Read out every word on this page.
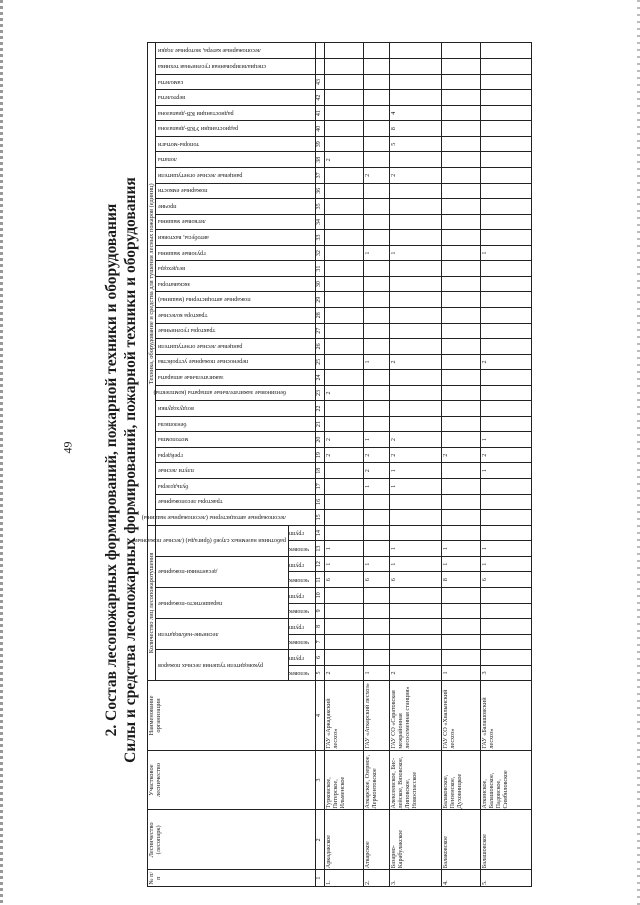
49 2. Состав лесопожарных формирований, пожарной техники и оборудования Силы и средства лесопожарных формирований, пожарной техники и оборудования
№ п/п	Лесничество (лесопарк)	Участковое лесничество	Наименование организации	Количество лиц лесопожаротушения										Техника, оборудование и средства для тушения лесных пожаров (единиц)																														

				руководители тушения лесных пожаров		лесничие-наблюдатели		парашютисто-пожарные		десантники-пожарные		работники наземных служб (бригады) (лесные пожарные)		лесопожарные автоцистерны (лесопожарные машины)	тракторы лесопожарные	бульдозеры	плуги лесные	грейдеры	мотопомпы	бензопилы	воздуходувки	бензиновые зажигательные аппараты (комплекты)	зажигательные аппараты	переносные пожарные устройства	ранцевые лесные огнетушители	тракторы гусеничные	трактора колесные	пожарные автоцистерны (машины)	экскаваторы	вездеходы	грузовые машины	автобусы, вахтовки	легковые машины	прочие	пожарные емкости	ранцевые лесные огнетушители	лопаты	топоры-мотыги	радиостанции УКВ-диапазона	радиостанции КВ-диапазона	вертолеты	самолеты	специализированная гусеничная техника	лесопожарные катера, моторные лодки

				человек	групп	человек	групп	человек	групп	человек	групп	человек	групп																															

1	2	3	4	5	6	7	8	9	10	11	12	13	14	15	16	17	18	19	20	21	22	23	24	25	26	27	28	29	30	31	32	33	34	35	36	37	38	39	40	41	42	43		
1.	Аркадакское	Турковское, Питерское, Ильменское	ГАУ «Аркадакский лесхоз»	2						6	1	1						2	2			2															2							
2.	Аткарское	Аткарское, Озерное, Лермонтовское	ГАУ «Аткарский лесхоз»	1						6	1					1	2	2	1					1							1					2								
3.	Базарно-Карабулакское	Алексеевское, Бис-лейское, Вязовское, Липовское, Новоспасское	ГАУ СО «Саратовская межрайонная лесосеменная станция»	2						6	1	1				1	1	2	2					2							1					2		5	8	4				
4.	Балаковское	Балаковское, Пензенское, Духовницкое	ГАУ СО «Хвалынский лесхоз»	1						8	1	1						2																										
5.	Балашовское	Аткинское, Балашовское, Падовское, Симбиловское	ГАУ «Балашовский лесхоз»	3						6	1	1					1	2	1					2							1													
